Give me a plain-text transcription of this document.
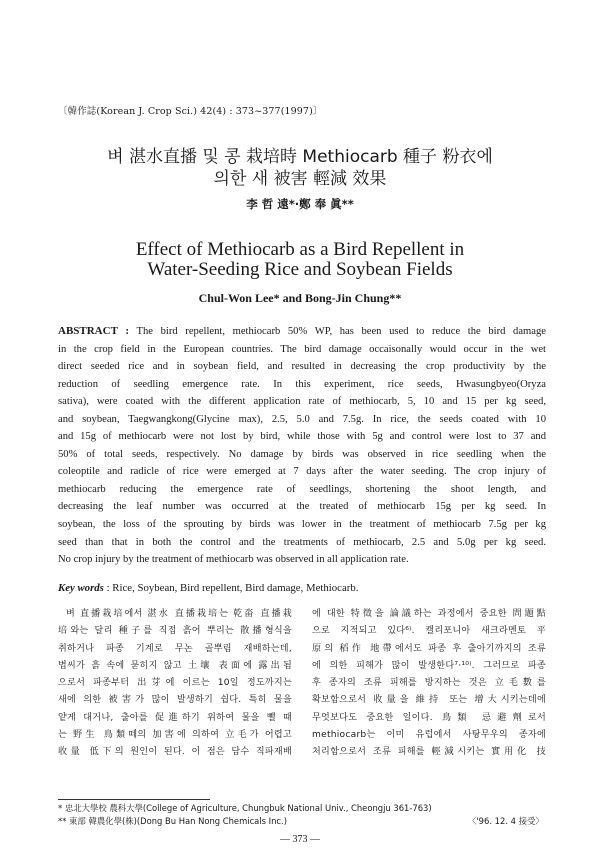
〔韓作誌(Korean J. Crop Sci.) 42(4) : 373~377(1997)〕
벼 湛水直播 및 콩 栽培時 Methiocarb 種子 粉衣에
의한 새 被害 輕減 效果
李 哲 遠*·鄭 奉 眞**
Effect of Methiocarb as a Bird Repellent in
Water-Seeding Rice and Soybean Fields
Chul-Won Lee* and Bong-Jin Chung**
ABSTRACT : The bird repellent, methiocarb 50% WP, has been used to reduce the bird damage
in the crop field in the European countries. The bird damage occaisonally would occur in the wet
direct seeded rice and in soybean field, and resulted in decreasing the crop productivity by the
reduction of seedling emergence rate. In this experiment, rice seeds, Hwasungbyeo(Oryza
sativa), were coated with the different application rate of methiocarb, 5, 10 and 15 per kg seed,
and soybean, Taegwangkong(Glycine max), 2.5, 5.0 and 7.5g. In rice, the seeds coated with 10
and 15g of methiocarb were not lost by bird, while those with 5g and control were lost to 37 and
50% of total seeds, respectively. No damage by birds was observed in rice seedling when the
coleoptile and radicle of rice were emerged at 7 days after the water seeding. The crop injury of
methiocarb reducing the emergence rate of seedlings, shortening the shoot length, and
decreasing the leaf number was occurred at the treated of methiocarb 15g per kg seed. In
soybean, the loss of the sprouting by birds was lower in the treatment of methiocarb 7.5g per kg
seed than that in both the control and the treatments of methiocarb, 2.5 and 5.0g per kg seed.
No crop injury by the treatment of methiocarb was observed in all application rate.
Key words : Rice, Soybean, Bird repellent, Bird damage, Methiocarb.
벼 直播栽培에서 湛水 直播栽培는 乾畓 直播栽
培와는 달리 種子를 직접 흙어 뿌리는 散播형식을
취하거나 파종 기계로 무논 골뿌림 재배하는데,
볍씨가 흙 속에 묻히지 않고 土壤 表面에 露出됨
으로서 파종부터 出芽에 이르는 10일 정도까지는
새에 의한 被害가 많이 발생하기 쉽다. 특히 물을
얕게 대거나, 출아를 促進하기 위하여 물을 뺄 때
는 野生 鳥類떼의 加害에 의하여 立毛가 어렵고
收量 低下의 원인이 된다. 이 점은 담수 직파재배
에 대한 特徵을 論議하는 과정에서 중요한 問題點
으로 지적되고 있다⁶⁾. 캘리포니아 새크라멘토 平
原의 稻作 地帶에서도 파종 후 출아기까지의 조류
에 의한 피해가 많이 발생한다⁷·¹⁰⁾. 그러므로 파종
후 종자의 조류 피해를 방지하는 것은 立毛數를
확보함으로서 收量을 維持 또는 增大시키는데에
무엇보다도 중요한 일이다. 鳥類 忌避劑로서
methiocarb는 이미 유럽에서 사탕무우의 종자에
처리함으로서 조류 피해를 輕減시키는 實用化 技
* 忠北大學校 農科大學(College of Agriculture, Chungbuk National Univ., Cheongju 361-763)
** 東部 韓農化學(株)(Dong Bu Han Nong Chemicals Inc.)	〈'96. 12. 4 接受〉
— 373 —
